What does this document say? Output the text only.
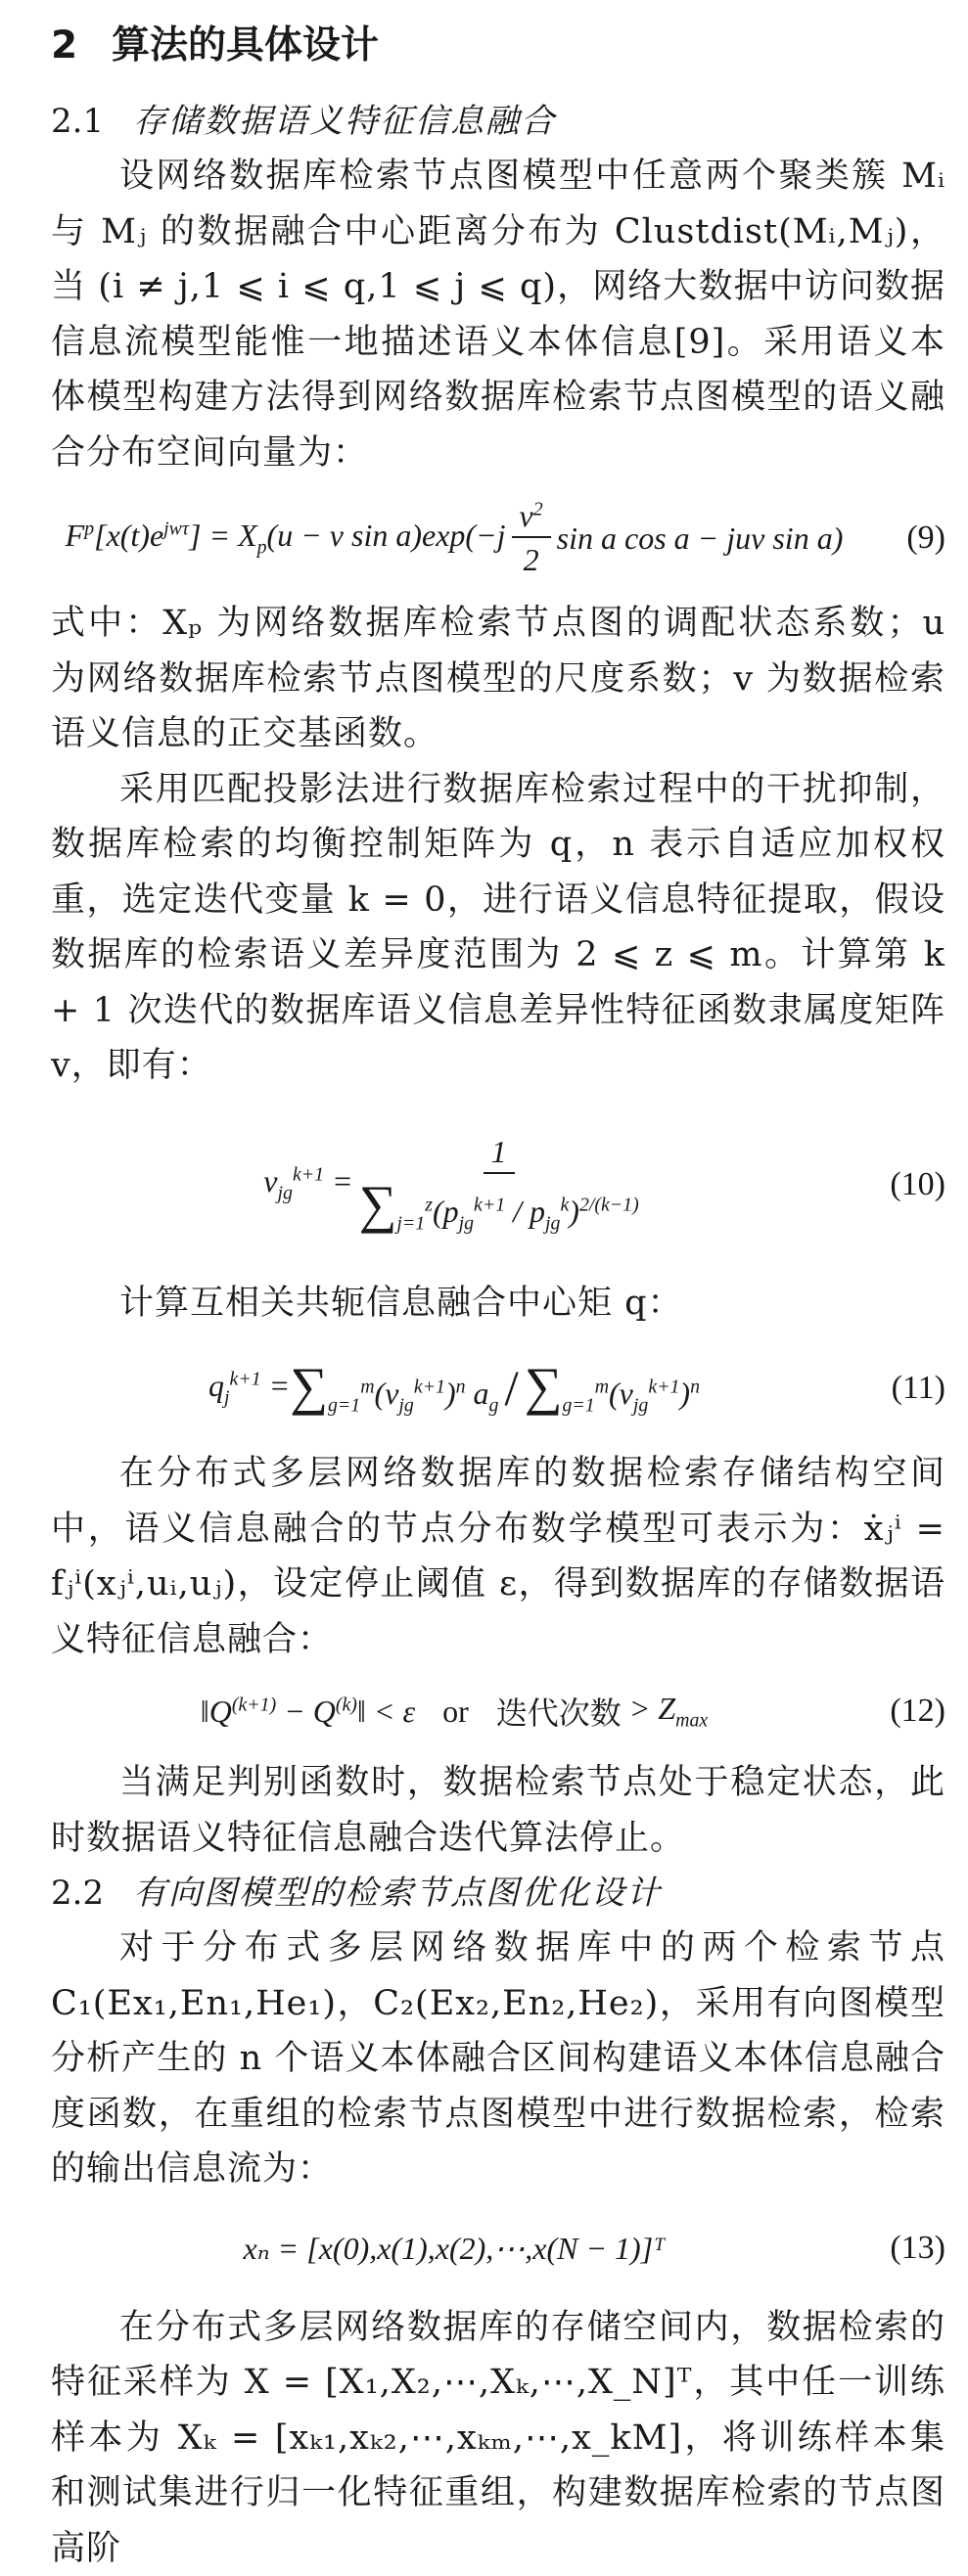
2 算法的具体设计
2.1 存储数据语义特征信息融合

设网络数据库检索节点图模型中任意两个聚类簇 Mᵢ 与 Mⱼ 的数据融合中心距离分布为 Clustdist(Mᵢ,Mⱼ)，当 (i ≠ j,1 ⩽ i ⩽ q,1 ⩽ j ⩽ q)，网络大数据中访问数据信息流模型能惟一地描述语义本体信息[9]。采用语义本体模型构建方法得到网络数据库检索节点图模型的语义融合分布空间向量为：

$F^p[x(t)e^{jw\tau}] = X_p(u - v$ $\sin a)\exp(-j \frac{v^2}{2}$ sin a cos a − juv sin a) (9)

式中：Xₚ 为网络数据库检索节点图的调配状态系数；u 为网络数据库检索节点图模型的尺度系数；v 为数据检索语义信息的正交基函数。

采用匹配投影法进行数据库检索过程中的干扰抑制，数据库检索的均衡控制矩阵为 q，n 表示自适应加权权重，选定迭代变量 k = 0，进行语义信息特征提取，假设数据库的检索语义差异度范围为 2 ⩽ z ⩽ m。计算第 k + 1 次迭代的数据库语义信息差异性特征函数隶属度矩阵 v，即有：

$v_{jg}^{k+1} = \frac{1}{\sum_{j=1}^z(p_{jg}^{k+1} / p_{jg}^k)^{2/(k-1)}}$	(10)

计算互相关共轭信息融合中心矩 q：

$q_j^{k+1} = \sum_{g=1}^m(v_{jg}^{k+1})^n$ $a_g / \sum_{g=1}^m(v_{jg}^{k+1})^n$	(11)

在分布式多层网络数据库的数据检索存储结构空间中，语义信息融合的节点分布数学模型可表示为：ẋⱼⁱ = fⱼⁱ(xⱼⁱ,uᵢ,uⱼ)，设定停止阈值 ε，得到数据库的存储数据语义特征信息融合：

$‖Q^{(k+1)}$ − $Q^{(k)}‖ < \varepsilon$ or 迭代次数 > $Z_{max}$	(12)

当满足判别函数时，数据检索节点处于稳定状态，此时数据语义特征信息融合迭代算法停止。

2.2 有向图模型的检索节点图优化设计

对于分布式多层网络数据库中的两个检索节点 C₁(Ex₁,En₁,He₁)，C₂(Ex₂,En₂,He₂)，采用有向图模型分析产生的 n 个语义本体融合区间构建语义本体信息融合度函数，在重组的检索节点图模型中进行数据检索，检索的输出信息流为：

xₙ = [x(0),x(1),x(2),⋯,x(N − 1)]ᵀ	(13)

在分布式多层网络数据库的存储空间内，数据检索的特征采样为 X = [X₁,X₂,⋯,Xₖ,⋯,X_N]ᵀ，其中任一训练样本为 Xₖ = [xₖ₁,xₖ₂,⋯,xₖₘ,⋯,x_kM]，将训练样本集和测试集进行归一化特征重组，构建数据库检索的节点图高阶
